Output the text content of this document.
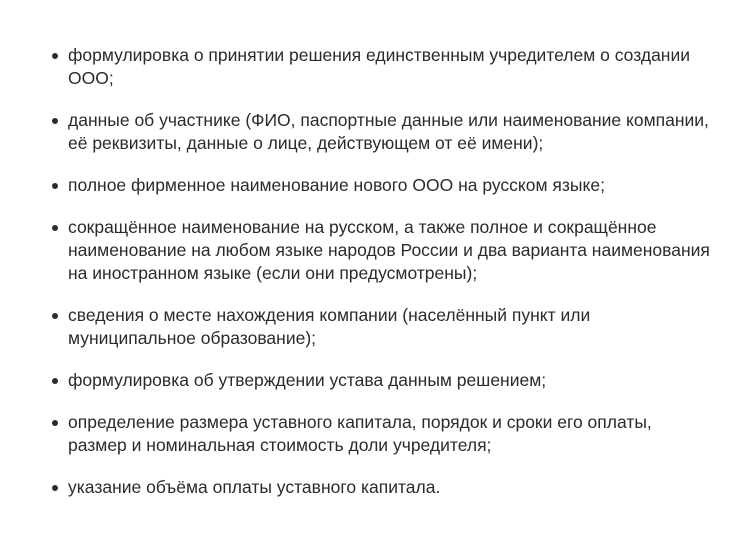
формулировка о принятии решения единственным учредителем о создании ООО;
данные об участнике (ФИО, паспортные данные или наименование компании, её реквизиты, данные о лице, действующем от её имени);
полное фирменное наименование нового ООО на русском языке;
сокращённое наименование на русском, а также полное и сокращённое наименование на любом языке народов России и два варианта наименования на иностранном языке (если они предусмотрены);
сведения о месте нахождения компании (населённый пункт или муниципальное образование);
формулировка об утверждении устава данным решением;
определение размера уставного капитала, порядок и сроки его оплаты, размер и номинальная стоимость доли учредителя;
указание объёма оплаты уставного капитала.
